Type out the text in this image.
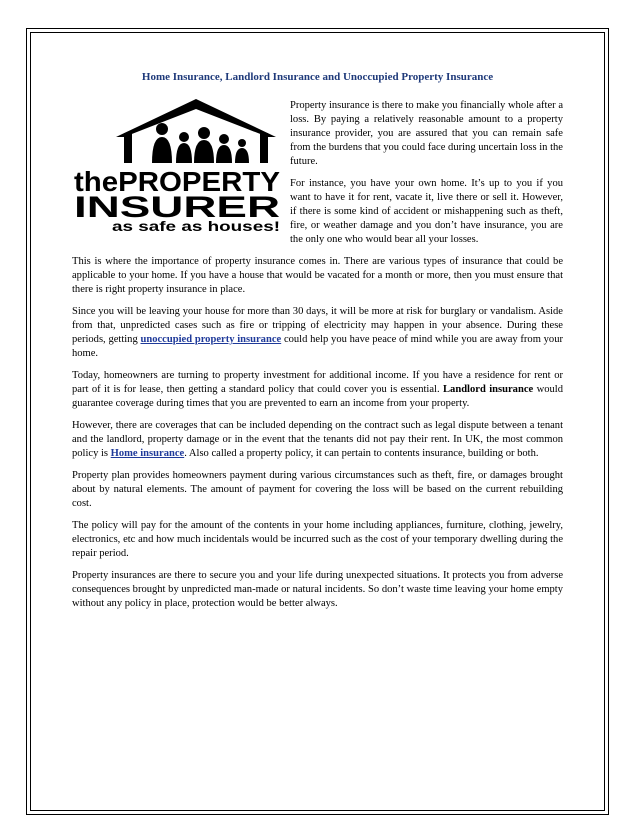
Home Insurance, Landlord Insurance and Unoccupied Property Insurance
thePROPERTY
INSURER
as safe as houses!

Property insurance is there to make you financially whole after a loss. By paying a relatively reasonable amount to a property insurance provider, you are assured that you can remain safe from the burdens that you could face during uncertain loss in the future.

For instance, you have your own home. It’s up to you if you want to have it for rent, vacate it, live there or sell it. However, if there is some kind of accident or mishappening such as theft, fire, or weather damage and you don’t have insurance, you are the only one who would bear all your losses.

This is where the importance of property insurance comes in. There are various types of insurance that could be applicable to your home. If you have a house that would be vacated for a month or more, then you must ensure that there is right property insurance in place.

Since you will be leaving your house for more than 30 days, it will be more at risk for burglary or vandalism. Aside from that, unpredicted cases such as fire or tripping of electricity may happen in your absence. During these periods, getting unoccupied property insurance could help you have peace of mind while you are away from your home.

Today, homeowners are turning to property investment for additional income. If you have a residence for rent or part of it is for lease, then getting a standard policy that could cover you is essential. Landlord insurance would guarantee coverage during times that you are prevented to earn an income from your property.

However, there are coverages that can be included depending on the contract such as legal dispute between a tenant and the landlord, property damage or in the event that the tenants did not pay their rent. In UK, the most common policy is Home insurance. Also called a property policy, it can pertain to contents insurance, building or both.

Property plan provides homeowners payment during various circumstances such as theft, fire, or damages brought about by natural elements. The amount of payment for covering the loss will be based on the current rebuilding cost.

The policy will pay for the amount of the contents in your home including appliances, furniture, clothing, jewelry, electronics, etc and how much incidentals would be incurred such as the cost of your temporary dwelling during the repair period.

Property insurances are there to secure you and your life during unexpected situations. It protects you from adverse consequences brought by unpredicted man-made or natural incidents. So don’t waste time leaving your home empty without any policy in place, protection would be better always.
